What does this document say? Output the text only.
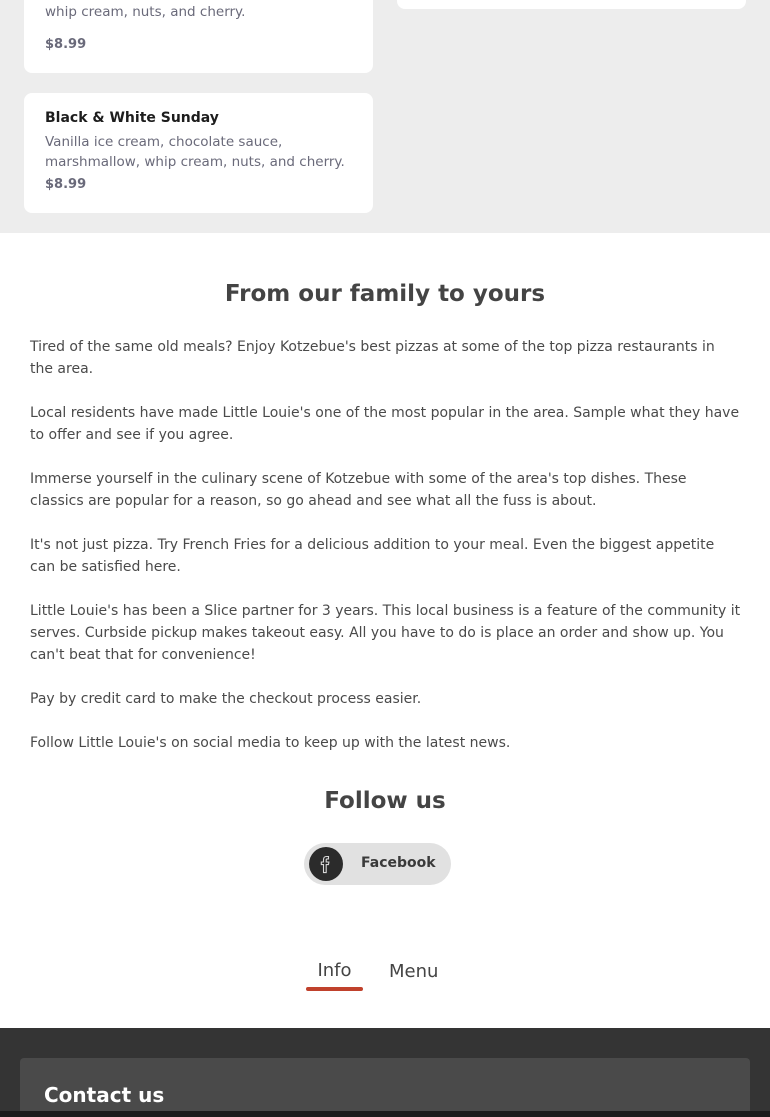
whip cream, nuts, and cherry.
$8.99
Black & White Sunday
Vanilla ice cream, chocolate sauce, marshmallow, whip cream, nuts, and cherry.
$8.99
From our family to yours

Tired of the same old meals? Enjoy Kotzebue's best pizzas at some of the top pizza restaurants in the area.

Local residents have made Little Louie's one of the most popular in the area. Sample what they have to offer and see if you agree.

Immerse yourself in the culinary scene of Kotzebue with some of the area's top dishes. These classics are popular for a reason, so go ahead and see what all the fuss is about.

It's not just pizza. Try French Fries for a delicious addition to your meal. Even the biggest appetite can be satisfied here.

Little Louie's has been a Slice partner for 3 years. This local business is a feature of the community it serves. Curbside pickup makes takeout easy. All you have to do is place an order and show up. You can't beat that for convenience!

Pay by credit card to make the checkout process easier.

Follow Little Louie's on social media to keep up with the latest news.

Follow us
Facebook
Info	Menu
Contact us
